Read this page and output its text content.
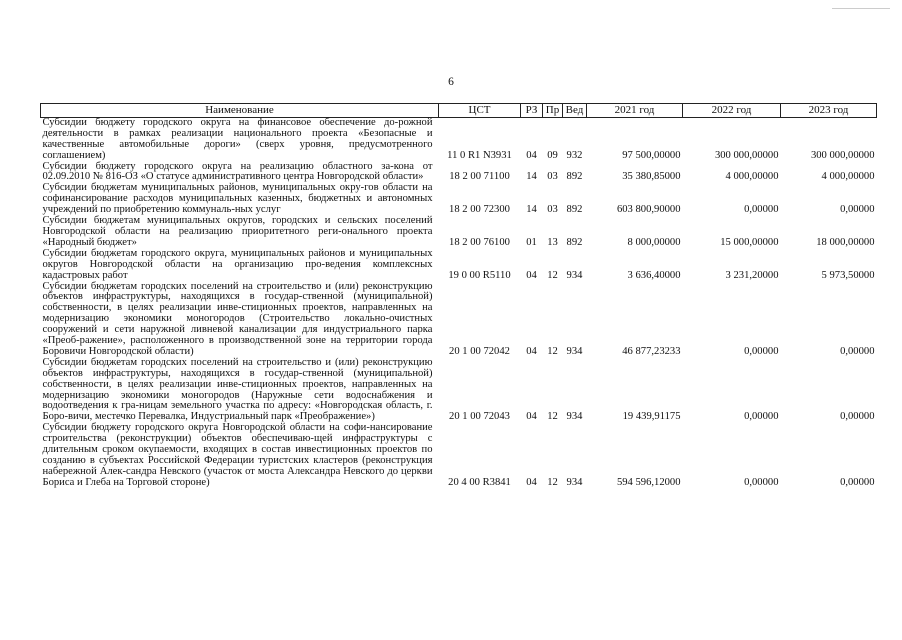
6
Наименование	ЦСТ	РЗ	Пр	Вед	2021 год	2022 год	2023 год
Субсидии бюджету городского округа на финансовое обеспечение до-рожной деятельности в рамках реализации национального проекта «Безопасные и качественные автомобильные дороги» (сверх уровня, предусмотренного соглашением)	11 0 R1 N3931	04	09	932	97 500,00000	300 000,00000	300 000,00000
Субсидии бюджету городского округа на реализацию областного за-кона от 02.09.2010 № 816-ОЗ «О статусе административного центра Новгородской области»	18 2 00 71100	14	03	892	35 380,85000	4 000,00000	4 000,00000
Субсидии бюджетам муниципальных районов, муниципальных окру-гов области на софинансирование расходов муниципальных казенных, бюджетных и автономных учреждений по приобретению коммуналь-ных услуг	18 2 00 72300	14	03	892	603 800,90000	0,00000	0,00000
Субсидии бюджетам муниципальных округов, городских и сельских поселений Новгородской области на реализацию приоритетного реги-онального проекта «Народный бюджет»	18 2 00 76100	01	13	892	8 000,00000	15 000,00000	18 000,00000
Субсидии бюджетам городского округа, муниципальных районов и муниципальных округов Новгородской области на организацию про-ведения комплексных кадастровых работ	19 0 00 R5110	04	12	934	3 636,40000	3 231,20000	5 973,50000
Субсидии бюджетам городских поселений на строительство и (или) реконструкцию объектов инфраструктуры, находящихся в государ-ственной (муниципальной) собственности, в целях реализации инве-стиционных проектов, направленных на модернизацию экономики моногородов (Строительство локально-очистных сооружений и сети наружной ливневой канализации для индустриального парка «Преоб-ражение», расположенного в производственной зоне на территории города Боровичи Новгородской области)	20 1 00 72042	04	12	934	46 877,23233	0,00000	0,00000
Субсидии бюджетам городских поселений на строительство и (или) реконструкцию объектов инфраструктуры, находящихся в государ-ственной (муниципальной) собственности, в целях реализации инве-стиционных проектов, направленных на модернизацию экономики моногородов (Наружные сети водоснабжения и водоотведения к гра-ницам земельного участка по адресу: «Новгородская область, г. Боро-вичи, местечко Перевалка, Индустриальный парк «Преображение»)	20 1 00 72043	04	12	934	19 439,91175	0,00000	0,00000
Субсидии бюджету городского округа Новгородской области на софи-нансирование строительства (реконструкции) объектов обеспечиваю-щей инфраструктуры с длительным сроком окупаемости, входящих в состав инвестиционных проектов по созданию в субъектах Российской Федерации туристских кластеров (реконструкция набережной Алек-сандра Невского (участок от моста Александра Невского до церкви Бориса и Глеба на Торговой стороне)	20 4 00 R3841	04	12	934	594 596,12000	0,00000	0,00000
